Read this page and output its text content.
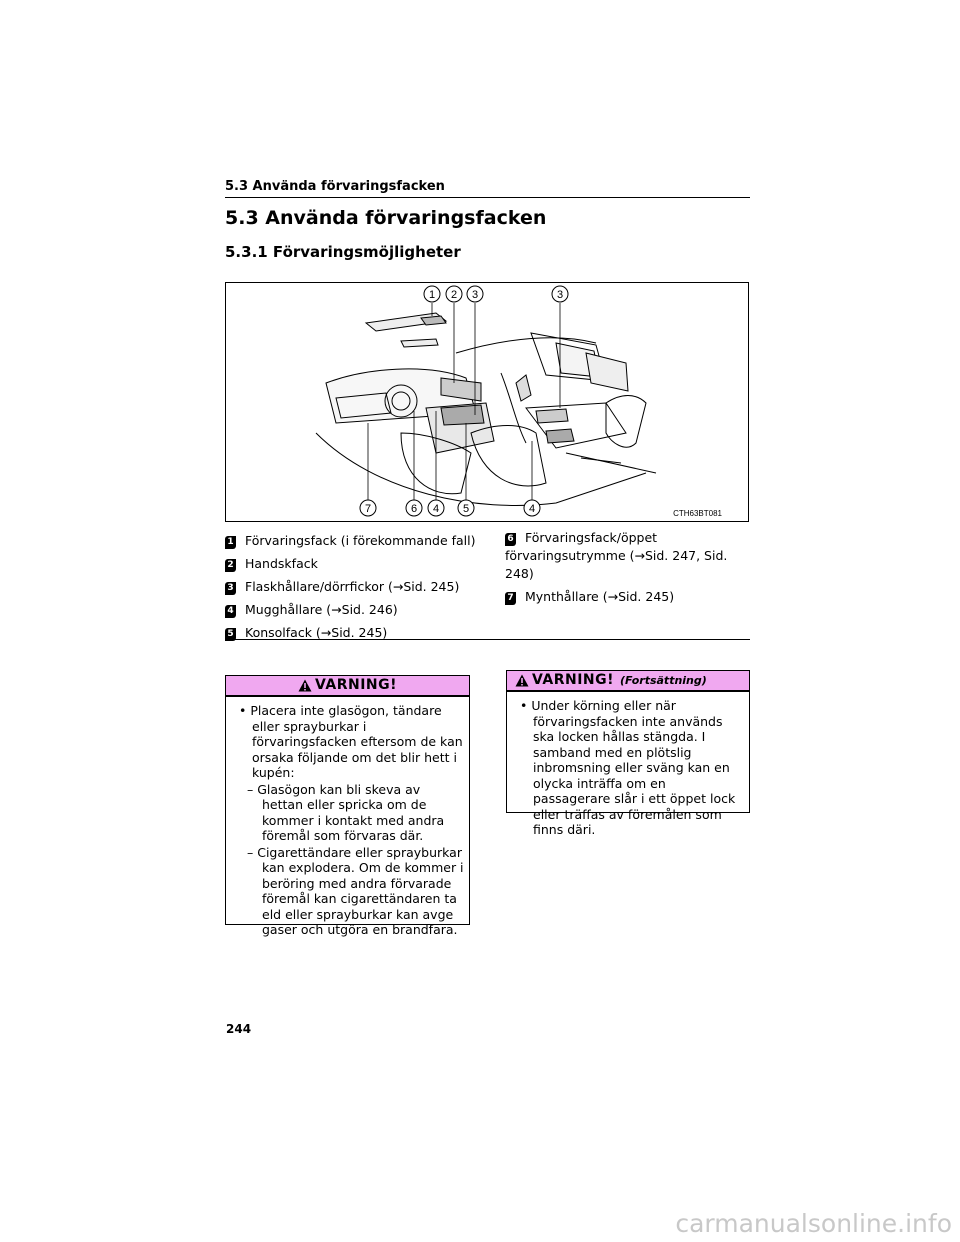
5.3 Använda förvaringsfacken
5.3 Använda förvaringsfacken
5.3.1 Förvaringsmöjligheter
1 2 3	3
7	6 4 5	4	CTH63BT081
1 Förvaringsfack (i förekommande fall)
2 Handskfack
3 Flaskhållare/dörrfickor (→Sid. 245)
4 Mugghållare (→Sid. 246)
5 Konsolfack (→Sid. 245)
6 Förvaringsfack/öppet förvaringsutrymme (→Sid. 247, Sid. 248)
7 Mynthållare (→Sid. 245)
VARNING!
• Placera inte glasögon, tändare eller sprayburkar i förvaringsfacken eftersom de kan orsaka följande om det blir hett i kupén:
– Glasögon kan bli skeva av hettan eller spricka om de kommer i kontakt med andra föremål som förvaras där.
– Cigarettändare eller sprayburkar kan explodera. Om de kommer i beröring med andra förvarade föremål kan cigarettändaren ta eld eller sprayburkar kan avge gaser och utgöra en brandfara.
VARNING! (Fortsättning)
• Under körning eller när förvaringsfacken inte används ska locken hållas stängda. I samband med en plötslig inbromsning eller sväng kan en olycka inträffa om en passagerare slår i ett öppet lock eller träffas av föremålen som finns däri.
244
carmanualsonline.info
